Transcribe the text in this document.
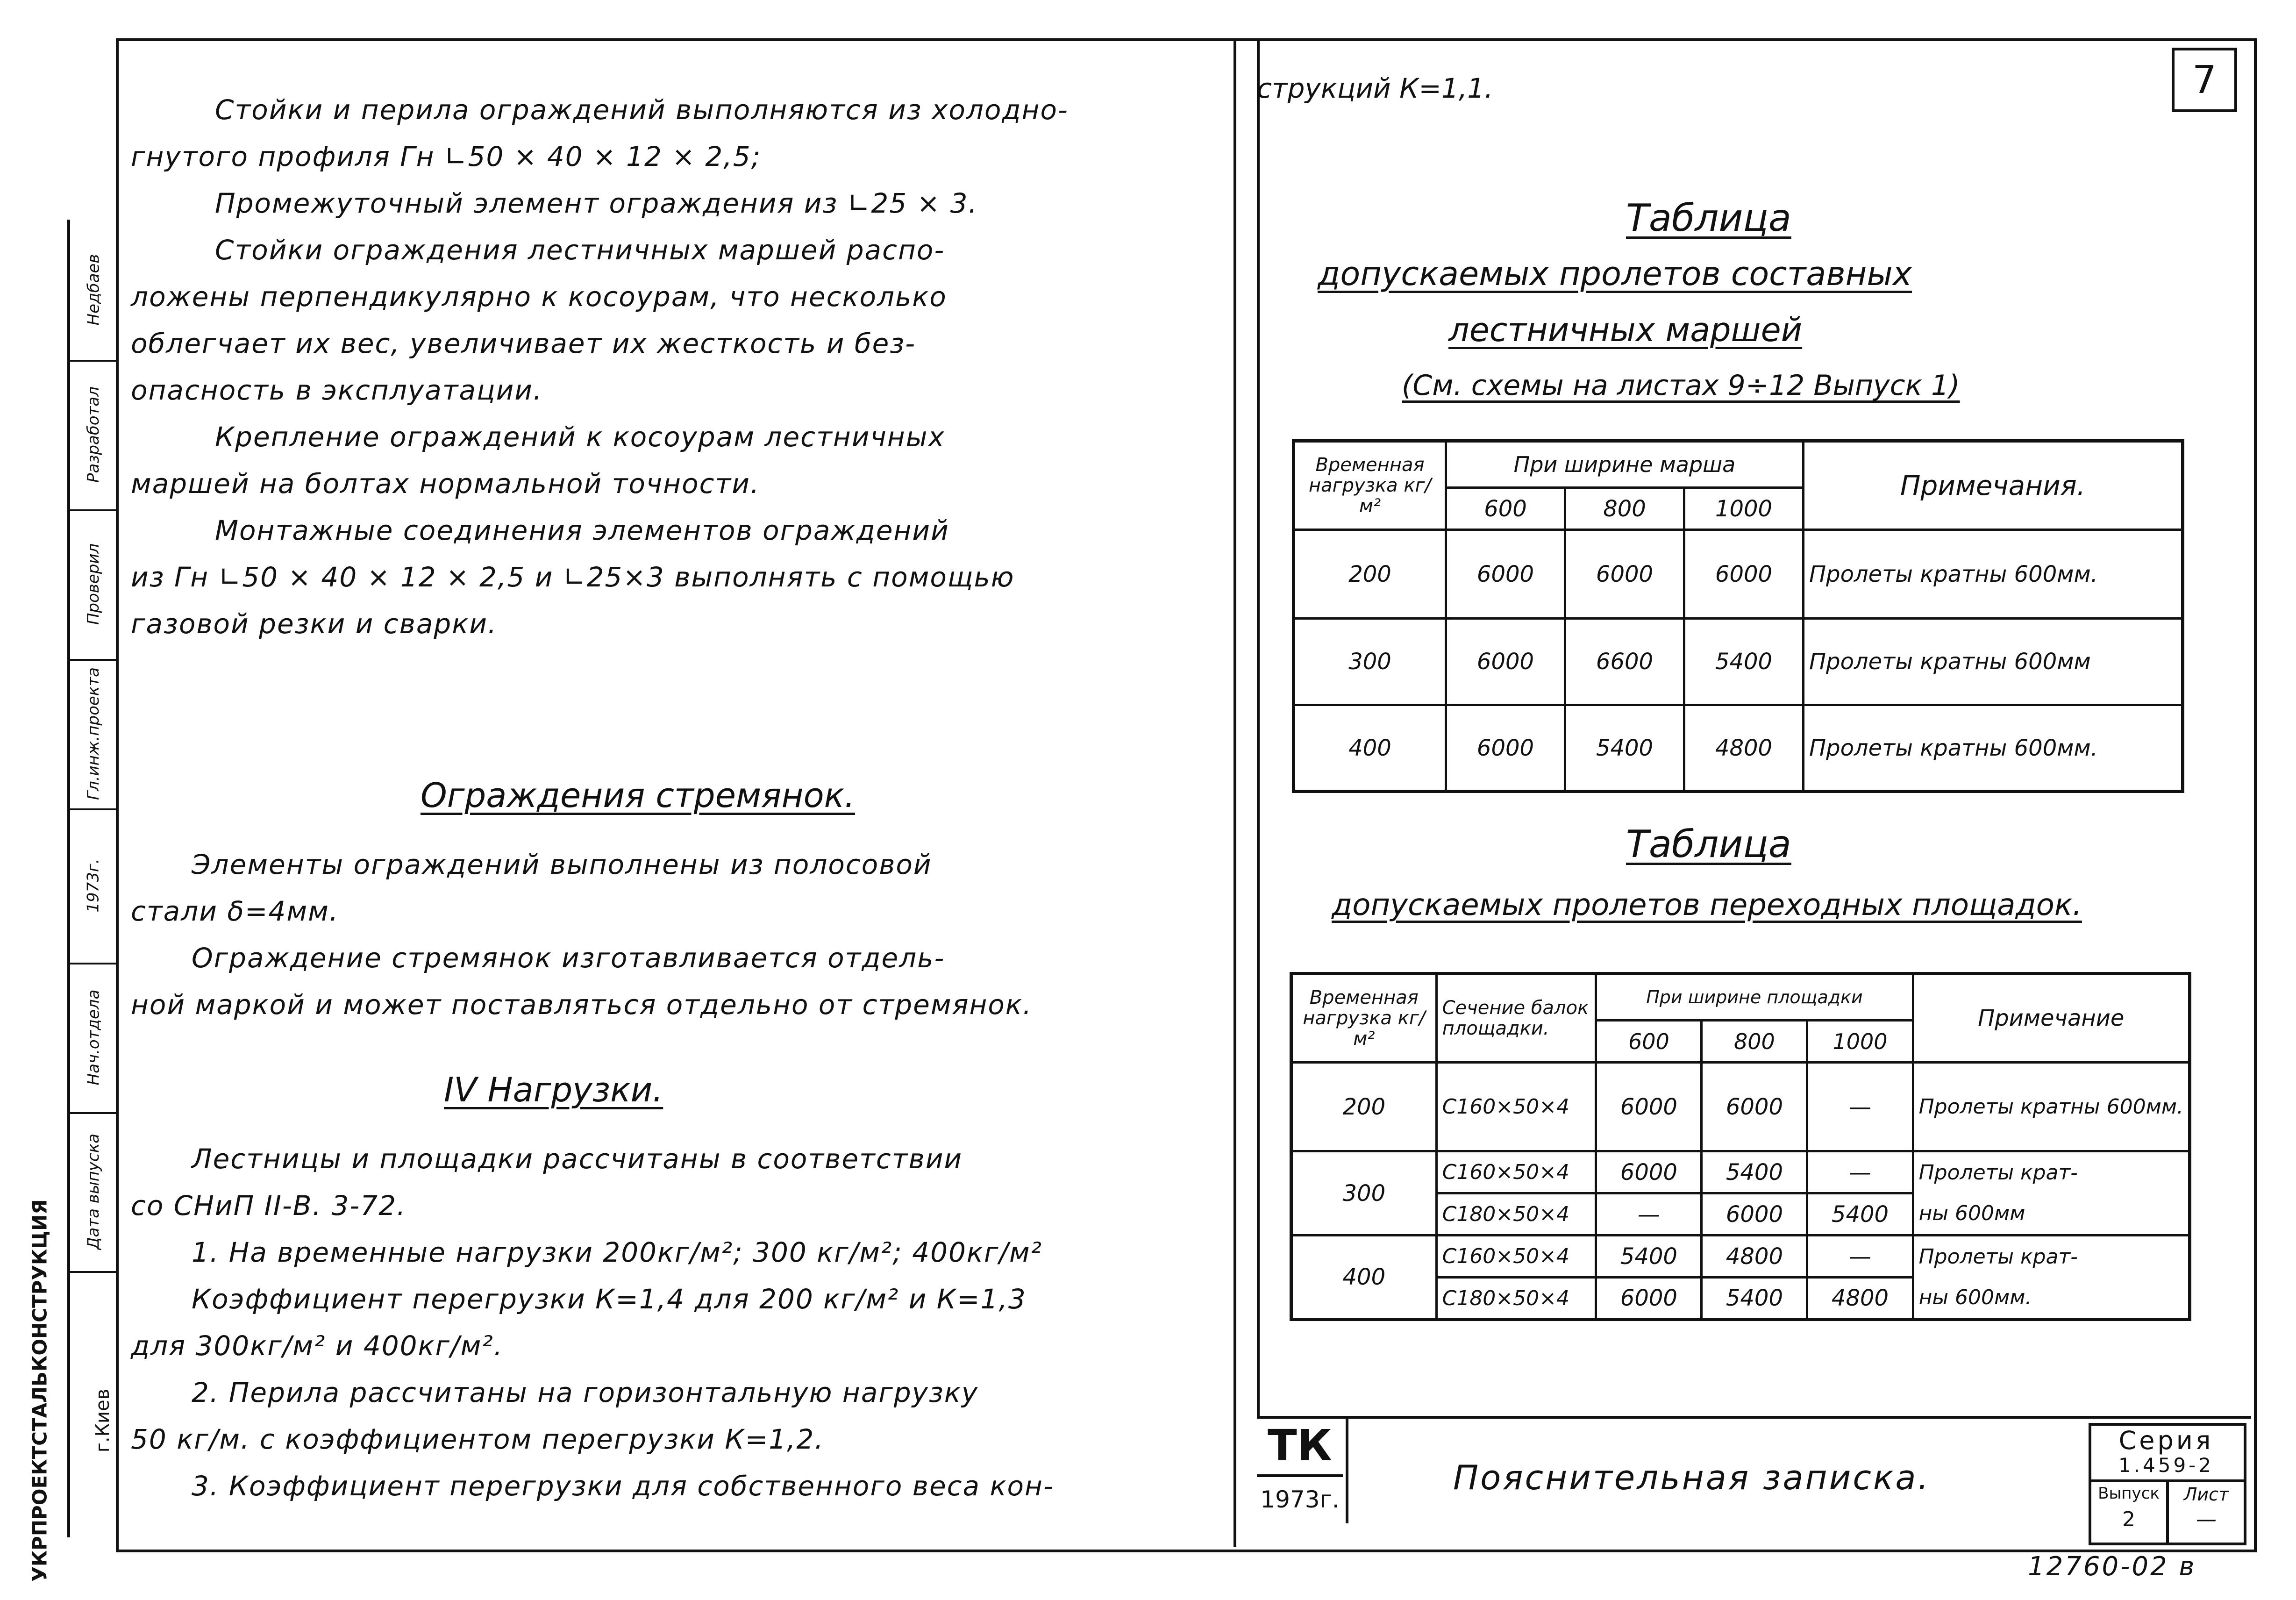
Недбаев
Разработал
Проверил
Гл.инж.проекта
1973г.
Нач.отдела
Дата выпуска
г.Киев
УКРПРОЕКТСТАЛЬКОНСТРУКЦИЯ

Стойки и перила ограждений выполняются из холодно-

гнутого профиля Гн ∟50 × 40 × 12 × 2,5;

Промежуточный элемент ограждения из ∟25 × 3.

Стойки ограждения лестничных маршей распо-

ложены перпендикулярно к косоурам, что несколько

облегчает их вес, увеличивает их жесткость и без-

опасность в эксплуатации.

Крепление ограждений к косоурам лестничных

маршей на болтах нормальной точности.

Монтажные соединения элементов ограждений

из Гн ∟50 × 40 × 12 × 2,5 и ∟25×3 выполнять с помощью

газовой резки и сварки.

Ограждения стремянок.

Элементы ограждений выполнены из полосовой

стали δ=4мм.

Ограждение стремянок изготавливается отдель-

ной маркой и может поставляться отдельно от стремянок.

IV Нагрузки.

Лестницы и площадки рассчитаны в соответствии

со СНиП II-В. 3-72.

1. На временные нагрузки 200кг/м²; 300 кг/м²; 400кг/м²

Коэффициент перегрузки К=1,4 для 200 кг/м² и К=1,3

для 300кг/м² и 400кг/м².

2. Перила рассчитаны на горизонтальную нагрузку

50 кг/м. с коэффициентом перегрузки К=1,2.

3. Коэффициент перегрузки для собственного веса кон-

струкций К=1,1.	7
Таблица
допускаемых пролетов составных
лестничных маршей
(См. схемы на листах 9÷12 Выпуск 1)
Временная нагрузка кг/м²	При ширине марша			Примечания.
	600	800	1000	
200	6000	6000	6000	Пролеты кратны 600мм.
300	6000	6600	5400	Пролеты кратны 600мм
400	6000	5400	4800	Пролеты кратны 600мм.
Таблица
допускаемых пролетов переходных площадок.
Временная нагрузка кг/м²	Сечение балок площадки.	При ширине площадки			Примечание
		600	800	1000	
200	С160×50×4	6000	6000	—	Пролеты кратны 600мм.
300	С160×50×4	6000	5400	—	Пролеты крат-
	С180×50×4	—	6000	5400	ны 600мм
400	С160×50×4	5400	4800	—	Пролеты крат-
	С180×50×4	6000	5400	4800	ны 600мм.
ТК
1973г.
Пояснительная записка.
Серия
1.459-2
Выпуск
2
Лист
—
12760-02 в
